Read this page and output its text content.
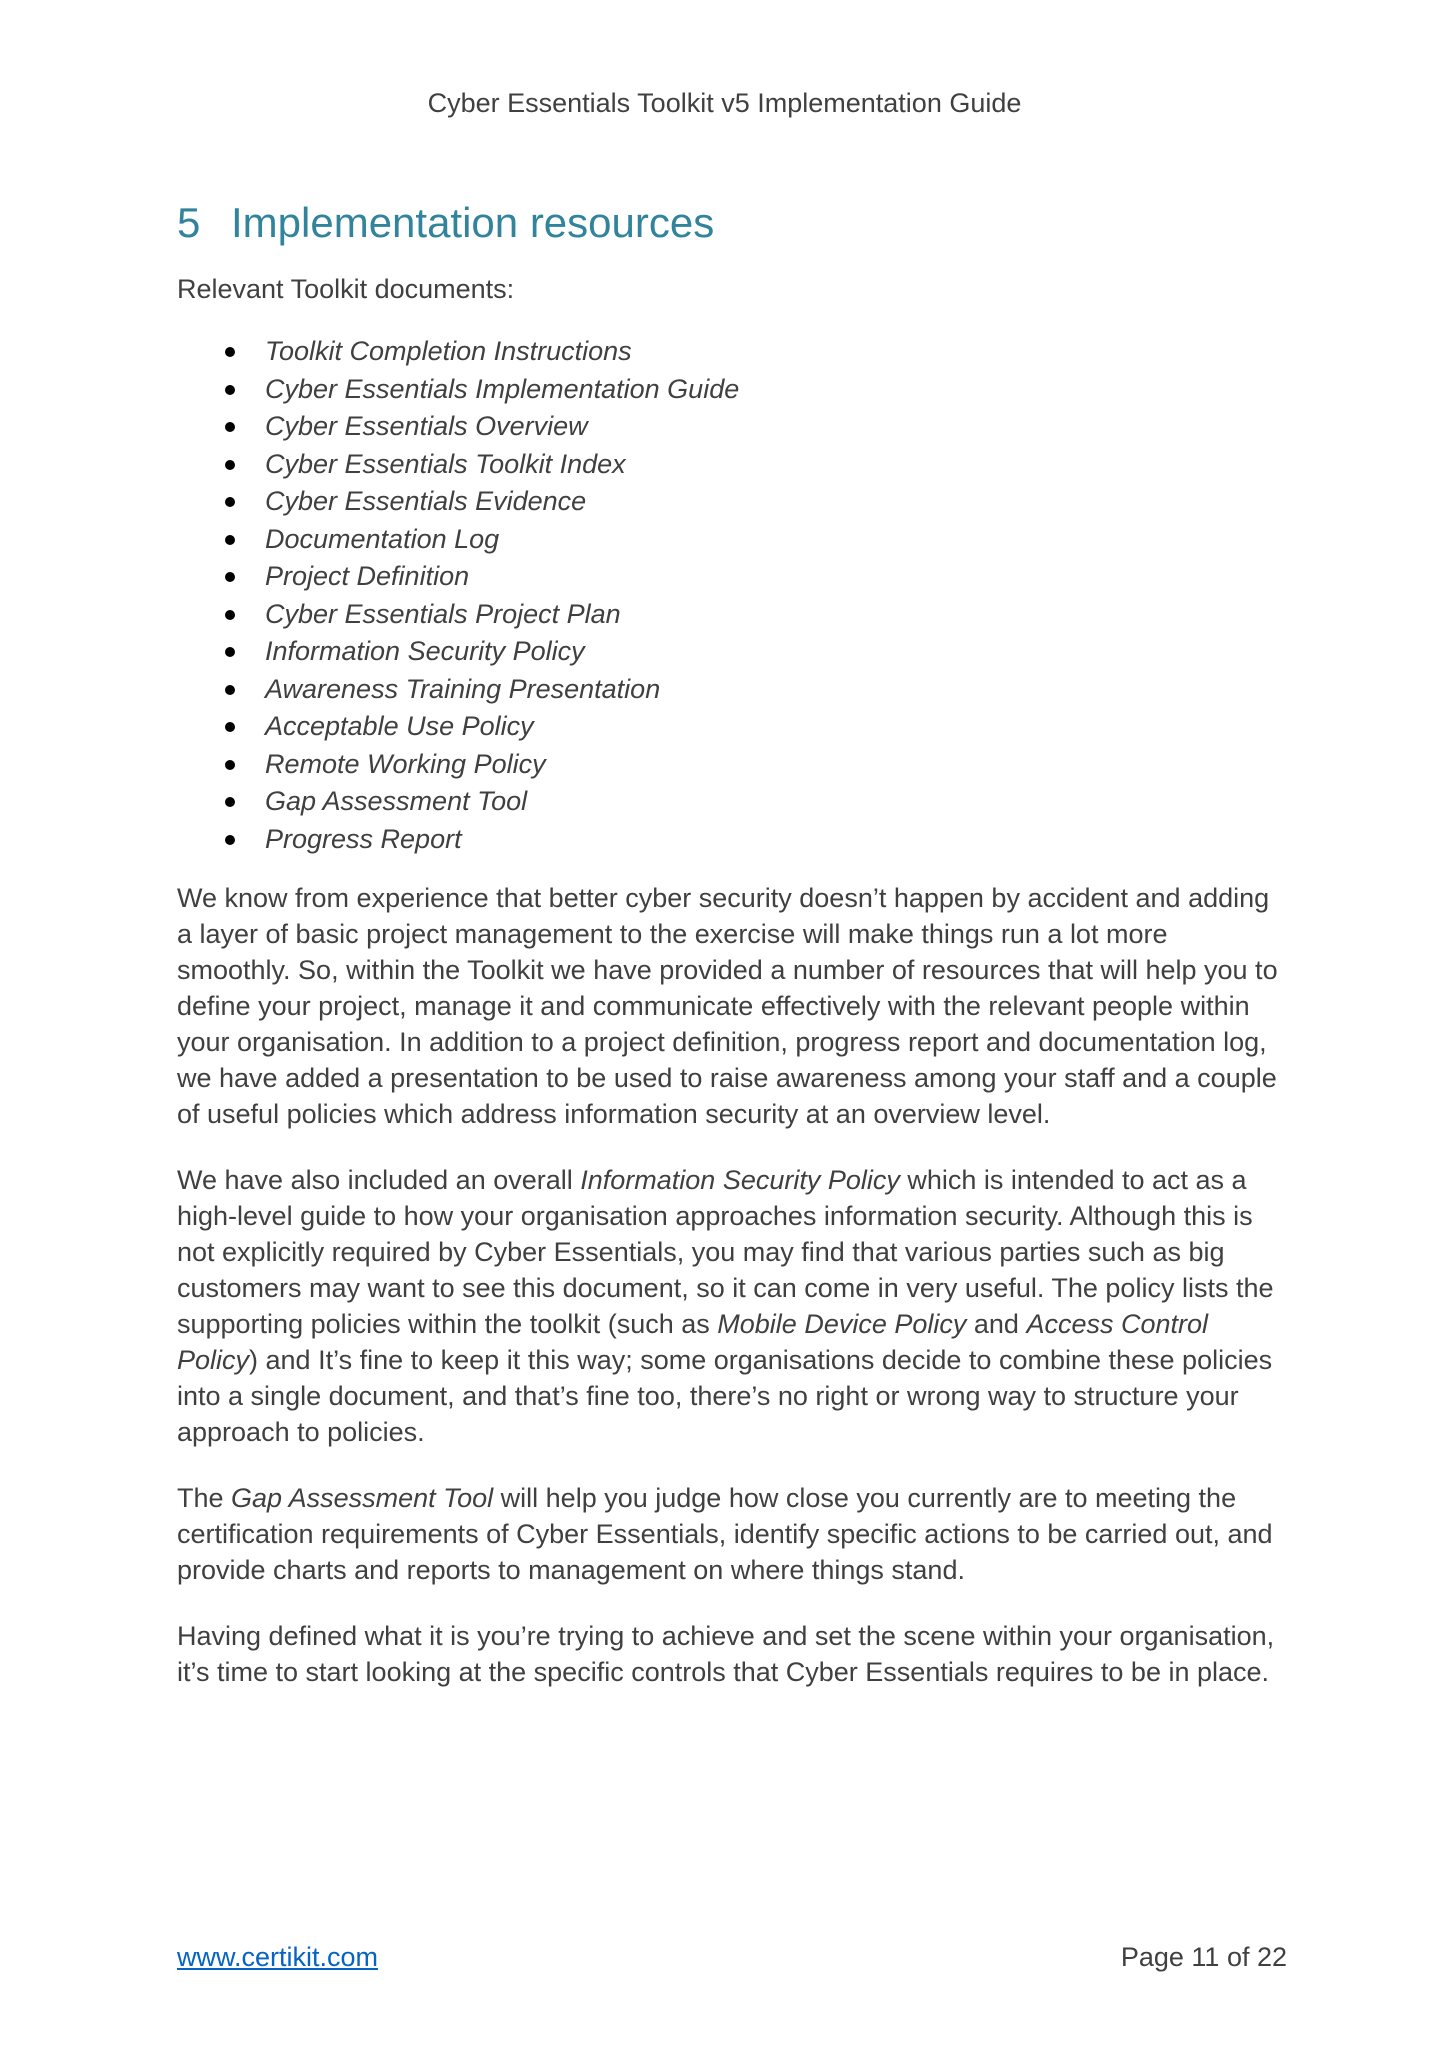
Cyber Essentials Toolkit v5 Implementation Guide
5 Implementation resources

Relevant Toolkit documents:

Toolkit Completion Instructions
Cyber Essentials Implementation Guide
Cyber Essentials Overview
Cyber Essentials Toolkit Index
Cyber Essentials Evidence
Documentation Log
Project Definition
Cyber Essentials Project Plan
Information Security Policy
Awareness Training Presentation
Acceptable Use Policy
Remote Working Policy
Gap Assessment Tool
Progress Report

We know from experience that better cyber security doesn’t happen by accident and adding a layer of basic project management to the exercise will make things run a lot more smoothly. So, within the Toolkit we have provided a number of resources that will help you to define your project, manage it and communicate effectively with the relevant people within your organisation. In addition to a project definition, progress report and documentation log, we have added a presentation to be used to raise awareness among your staff and a couple of useful policies which address information security at an overview level.

We have also included an overall Information Security Policy which is intended to act as a high-level guide to how your organisation approaches information security. Although this is not explicitly required by Cyber Essentials, you may find that various parties such as big customers may want to see this document, so it can come in very useful. The policy lists the supporting policies within the toolkit (such as Mobile Device Policy and Access Control Policy) and It’s fine to keep it this way; some organisations decide to combine these policies into a single document, and that’s fine too, there’s no right or wrong way to structure your approach to policies.

The Gap Assessment Tool will help you judge how close you currently are to meeting the certification requirements of Cyber Essentials, identify specific actions to be carried out, and provide charts and reports to management on where things stand.

Having defined what it is you’re trying to achieve and set the scene within your organisation, it’s time to start looking at the specific controls that Cyber Essentials requires to be in place.

www.certikit.com	Page 11 of 22
